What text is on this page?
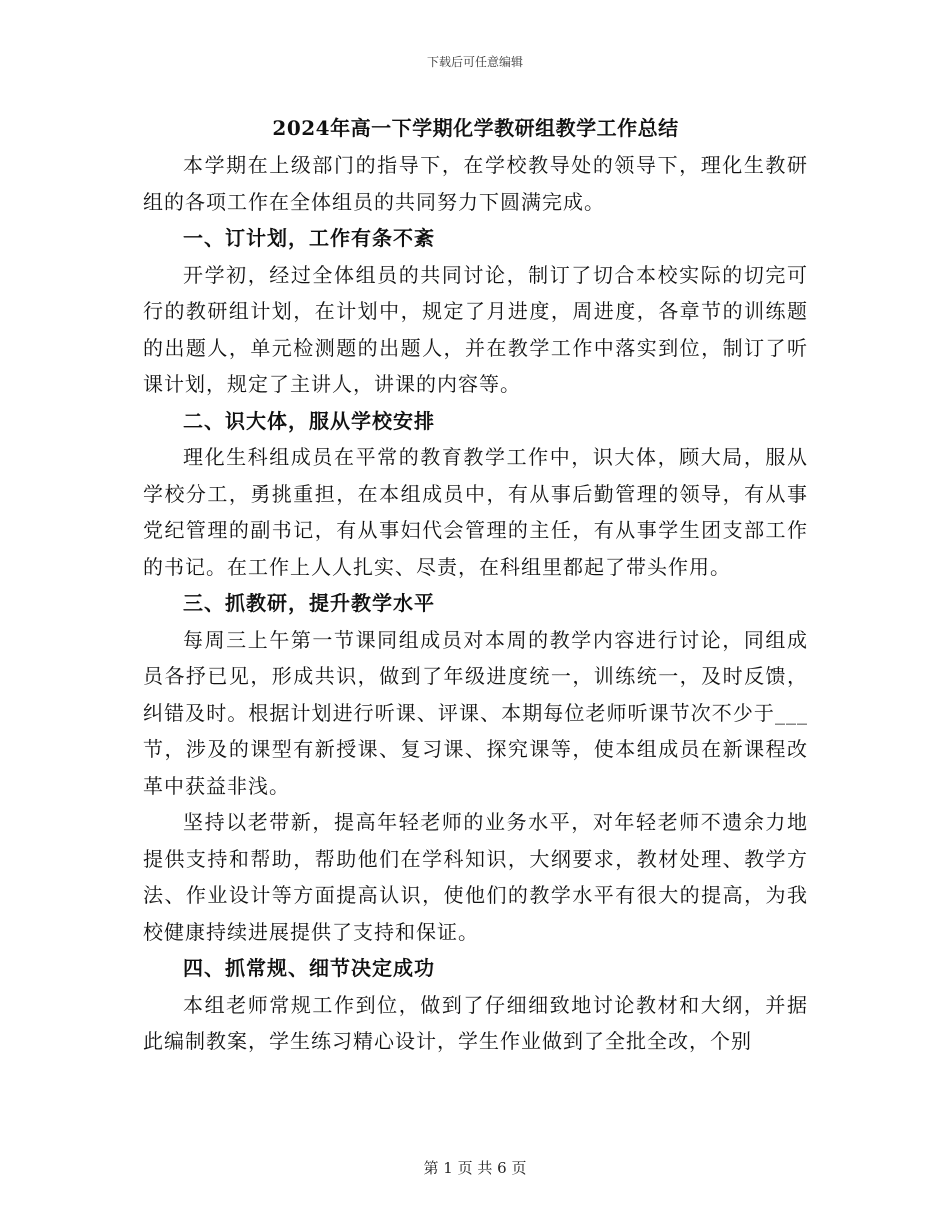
下载后可任意编辑
2024年高一下学期化学教研组教学工作总结

本学期在上级部门的指导下，在学校教导处的领导下，理化生教研组的各项工作在全体组员的共同努力下圆满完成。

一、订计划，工作有条不紊

开学初，经过全体组员的共同讨论，制订了切合本校实际的切完可行的教研组计划，在计划中，规定了月进度，周进度，各章节的训练题的出题人，单元检测题的出题人，并在教学工作中落实到位，制订了听课计划，规定了主讲人，讲课的内容等。

二、识大体，服从学校安排

理化生科组成员在平常的教育教学工作中，识大体，顾大局，服从学校分工，勇挑重担，在本组成员中，有从事后勤管理的领导，有从事党纪管理的副书记，有从事妇代会管理的主任，有从事学生团支部工作的书记。在工作上人人扎实、尽责，在科组里都起了带头作用。

三、抓教研，提升教学水平

每周三上午第一节课同组成员对本周的教学内容进行讨论，同组成员各抒已见，形成共识，做到了年级进度统一，训练统一，及时反馈，纠错及时。根据计划进行听课、评课、本期每位老师听课节次不少于___节，涉及的课型有新授课、复习课、探究课等，使本组成员在新课程改革中获益非浅。

坚持以老带新，提高年轻老师的业务水平，对年轻老师不遗余力地提供支持和帮助，帮助他们在学科知识，大纲要求，教材处理、教学方法、作业设计等方面提高认识，使他们的教学水平有很大的提高，为我校健康持续进展提供了支持和保证。

四、抓常规、细节决定成功

本组老师常规工作到位，做到了仔细细致地讨论教材和大纲，并据此编制教案，学生练习精心设计，学生作业做到了全批全改，个别

第 1 页 共 6 页
